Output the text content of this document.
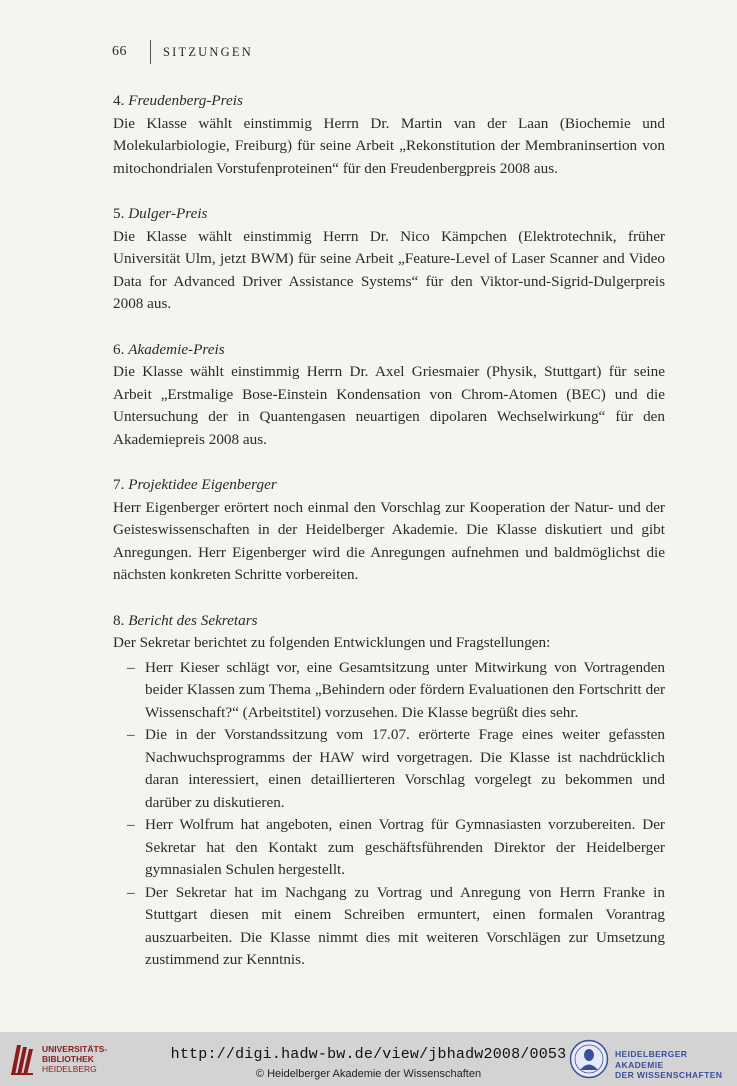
66	SITZUNGEN

4. Freudenberg-Preis

Die Klasse wählt einstimmig Herrn Dr. Martin van der Laan (Biochemie und Molekularbiologie, Freiburg) für seine Arbeit „Rekonstitution der Membraninsertion von mitochondrialen Vorstufenproteinen“ für den Freudenbergpreis 2008 aus.

5. Dulger-Preis

Die Klasse wählt einstimmig Herrn Dr. Nico Kämpchen (Elektrotechnik, früher Universität Ulm, jetzt BWM) für seine Arbeit „Feature-Level of Laser Scanner and Video Data for Advanced Driver Assistance Systems“ für den Viktor-und-Sigrid-Dulgerpreis 2008 aus.

6. Akademie-Preis

Die Klasse wählt einstimmig Herrn Dr. Axel Griesmaier (Physik, Stuttgart) für seine Arbeit „Erstmalige Bose-Einstein Kondensation von Chrom-Atomen (BEC) und die Untersuchung der in Quantengasen neuartigen dipolaren Wechselwirkung“ für den Akademiepreis 2008 aus.

7. Projektidee Eigenberger

Herr Eigenberger erörtert noch einmal den Vorschlag zur Kooperation der Natur- und der Geisteswissenschaften in der Heidelberger Akademie. Die Klasse diskutiert und gibt Anregungen. Herr Eigenberger wird die Anregungen aufnehmen und baldmöglichst die nächsten konkreten Schritte vorbereiten.

8. Bericht des Sekretars

Der Sekretar berichtet zu folgenden Entwicklungen und Fragstellungen:

– Herr Kieser schlägt vor, eine Gesamtsitzung unter Mitwirkung von Vortragenden beider Klassen zum Thema „Behindern oder fördern Evaluationen den Fortschritt der Wissenschaft?“ (Arbeitstitel) vorzusehen. Die Klasse begrüßt dies sehr.
– Die in der Vorstandssitzung vom 17.07. erörterte Frage eines weiter gefassten Nachwuchsprogramms der HAW wird vorgetragen. Die Klasse ist nachdrücklich daran interessiert, einen detaillierteren Vorschlag vorgelegt zu bekommen und darüber zu diskutieren.
– Herr Wolfrum hat angeboten, einen Vortrag für Gymnasiasten vorzubereiten. Der Sekretar hat den Kontakt zum geschäftsführenden Direktor der Heidelberger gymnasialen Schulen hergestellt.
– Der Sekretar hat im Nachgang zu Vortrag und Anregung von Herrn Franke in Stuttgart diesen mit einem Schreiben ermuntert, einen formalen Vorantrag auszuarbeiten. Die Klasse nimmt dies mit weiteren Vorschlägen zur Umsetzung zustimmend zur Kenntnis.
UNIVERSITÄTS-
BIBLIOTHEK
HEIDELBERG
http://digi.hadw-bw.de/view/jbhadw2008/0053
© Heidelberger Akademie der Wissenschaften
HEIDELBERGER AKADEMIE
DER WISSENSCHAFTEN
